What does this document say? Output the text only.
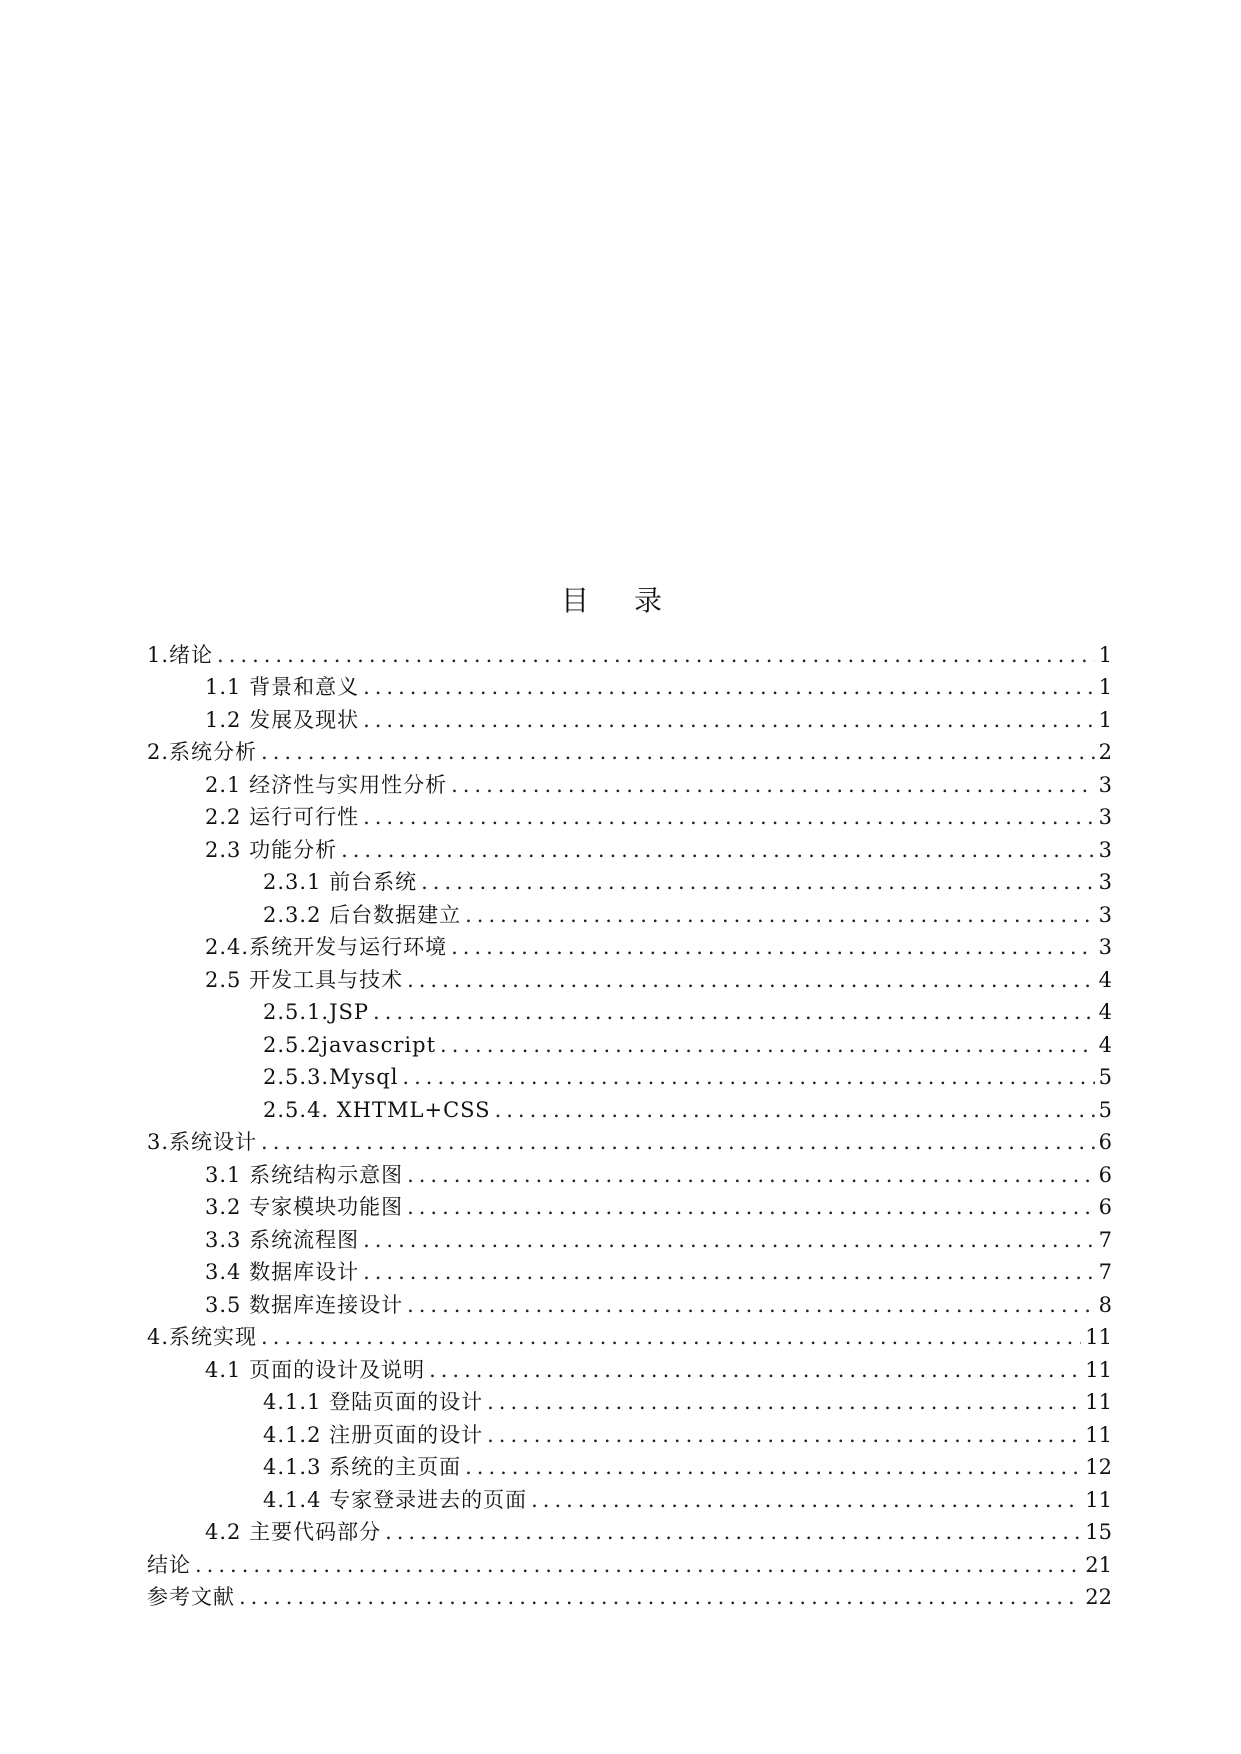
目 录
1.绪论 .....	1
1.1 背景和意义 .....	1
1.2 发展及现状 .....	1
2.系统分析 .....	2
2.1 经济性与实用性分析 .....	3
2.2 运行可行性 .....	3
2.3 功能分析 .....	3
2.3.1 前台系统 .....	3
2.3.2 后台数据建立 .....	3
2.4.系统开发与运行环境 .....	3
2.5 开发工具与技术 .....	4
2.5.1.JSP .....	4
2.5.2javascript .....	4
2.5.3.Mysql .....	5
2.5.4. XHTML+CSS .....	5
3.系统设计 .....	6
3.1 系统结构示意图 .....	6
3.2 专家模块功能图 .....	6
3.3 系统流程图 .....	7
3.4 数据库设计 .....	7
3.5 数据库连接设计 .....	8
4.系统实现 .....	11
4.1 页面的设计及说明 .....	11
4.1.1 登陆页面的设计 .....	11
4.1.2 注册页面的设计 .....	11
4.1.3 系统的主页面 .....	12
4.1.4 专家登录进去的页面 .....	11
4.2 主要代码部分 .....	15
结论 .....	21
参考文献 .....	22
